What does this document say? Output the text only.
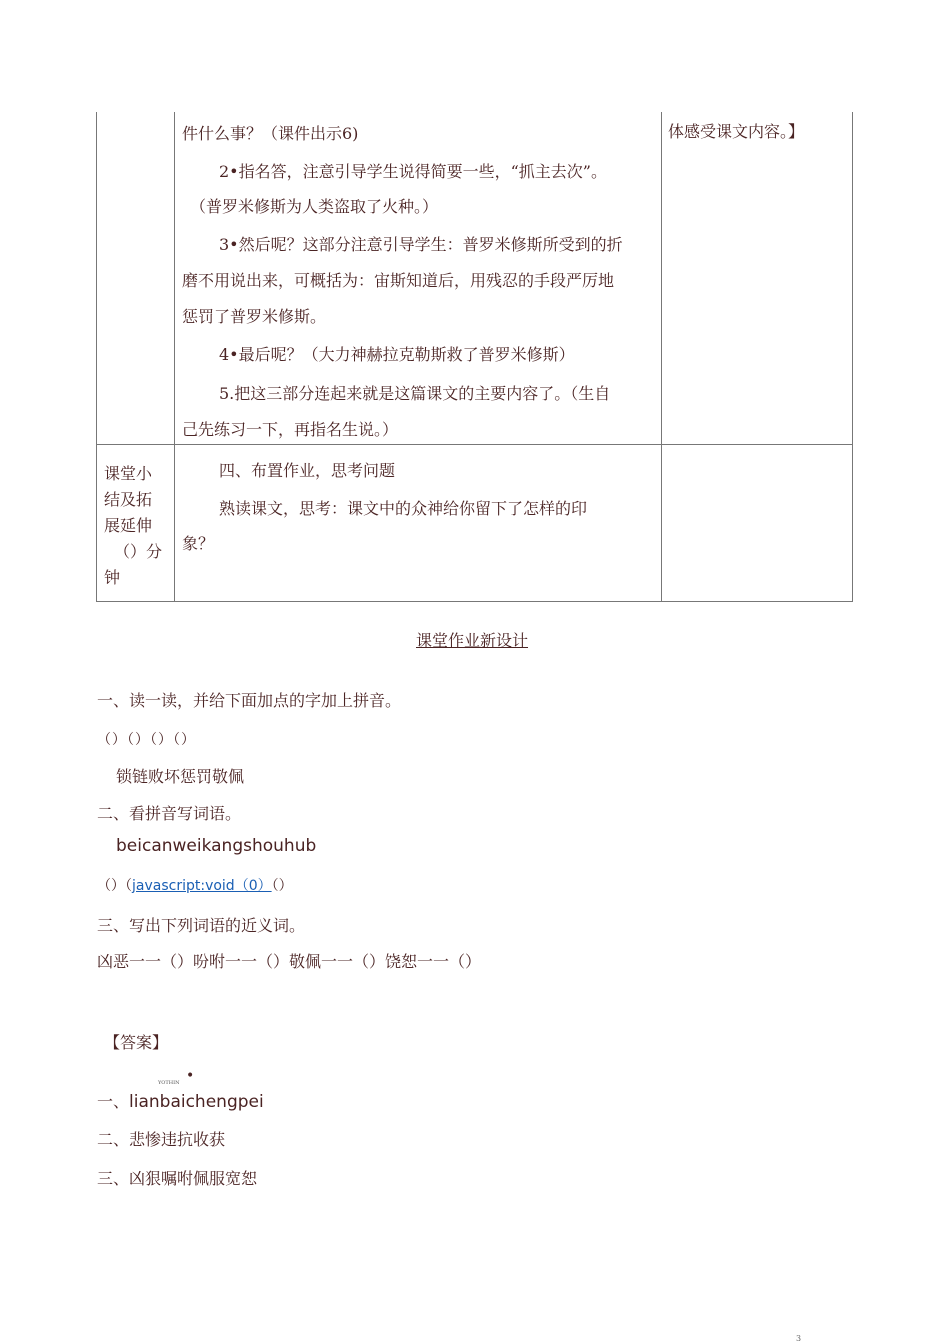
件什么事？（课件出示6)
2•指名答，注意引导学生说得简要一些，“抓主去次”。
（普罗米修斯为人类盗取了火种。）
3•然后呢？这部分注意引导学生：普罗米修斯所受到的折
磨不用说出来，可概括为：宙斯知道后，用残忍的手段严厉地
惩罚了普罗米修斯。
4•最后呢？（大力神赫拉克勒斯救了普罗米修斯）
5.把这三部分连起来就是这篇课文的主要内容了。（生自
己先练习一下，再指名生说。）
体感受课文内容。】
课堂小
结及拓
展延伸
（）分
钟
四、布置作业，思考问题
熟读课文，思考：课文中的众神给你留下了怎样的印
象？
课堂作业新设计
一、读一读，并给下面加点的字加上拼音。
（）（）（）（）
锁链败坏惩罚敬佩
二、看拼音写词语。
beicanweikangshouhub
（）（javascript:void（0）（）
三、写出下列词语的近义词。
凶恶一一（）吩咐一一（）敬佩一一（）饶恕一一（）
【答案】
YOTHIN •
一、lianbaichengpei
二、悲惨违抗收获
三、凶狠嘱咐佩服宽恕
3
